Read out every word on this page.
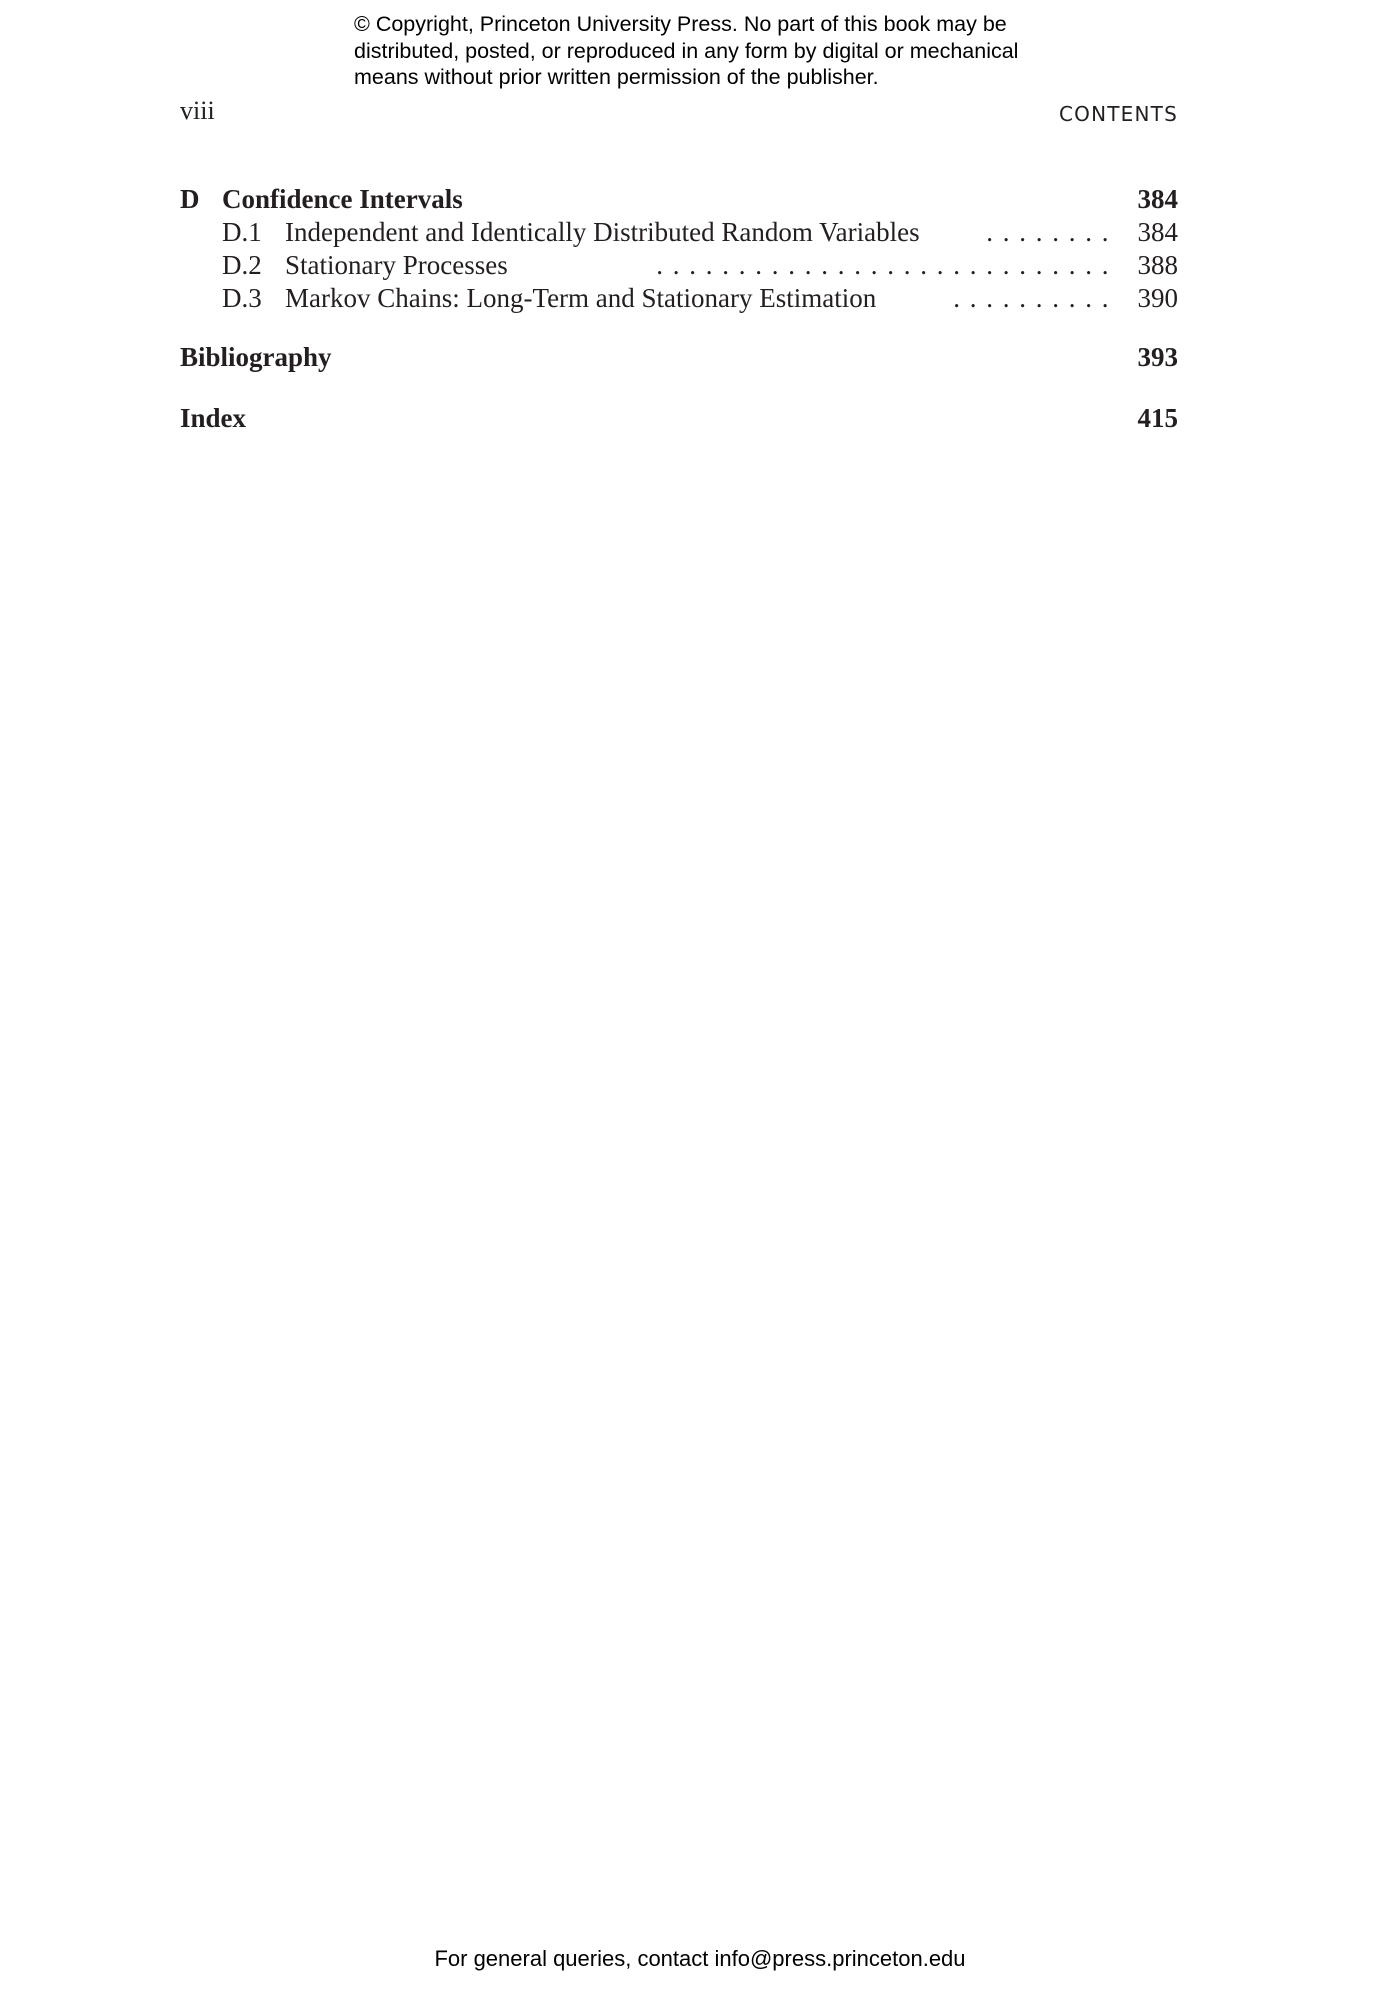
© Copyright, Princeton University Press. No part of this book may be
distributed, posted, or reproduced in any form by digital or mechanical
means without prior written permission of the publisher.
viii	CONTENTS
D Confidence Intervals	384
D.1 Independent and Identically Distributed Random Variables . . . . . . . . 384
D.2 Stationary Processes	. . . . . . . . . . . . . . . . . . . . . . . . . . . . 388
D.3 Markov Chains: Long-Term and Stationary Estimation	. . . . . . . . . . 390
Bibliography	393
Index	415
For general queries, contact info@press.princeton.edu
